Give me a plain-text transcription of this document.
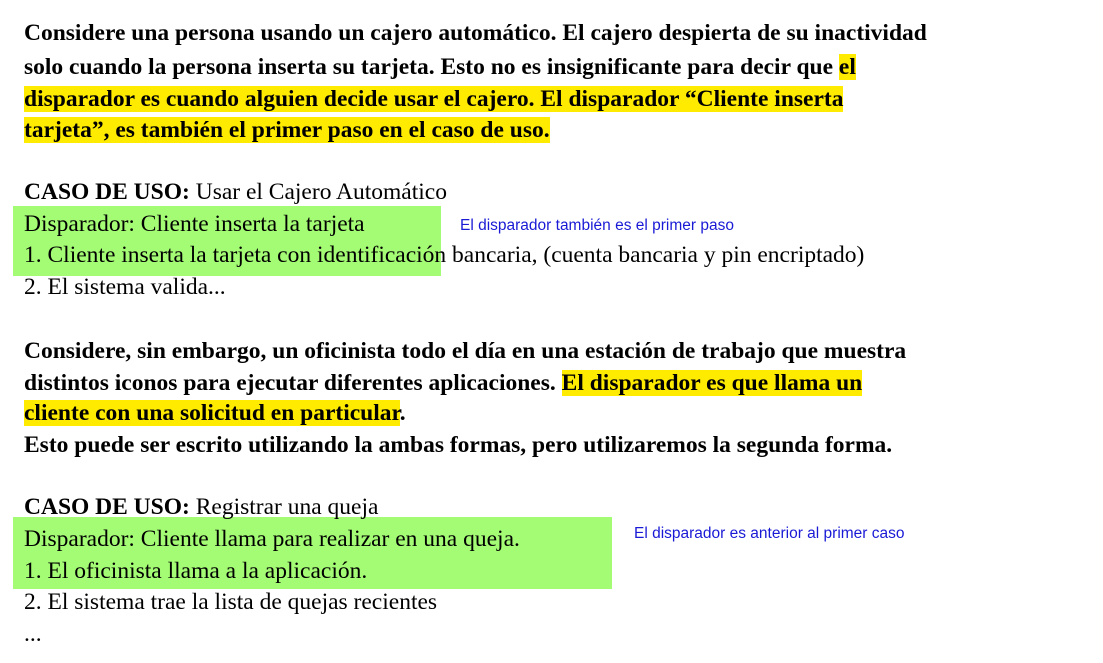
Considere una persona usando un cajero automático. El cajero despierta de su inactividad
solo cuando la persona inserta su tarjeta. Esto no es insignificante para decir que el
disparador es cuando alguien decide usar el cajero. El disparador “Cliente inserta
tarjeta”, es también el primer paso en el caso de uso.
CASO DE USO: Usar el Cajero Automático
Disparador: Cliente inserta la tarjeta
1. Cliente inserta la tarjeta con identificación bancaria, (cuenta bancaria y pin encriptado)
2. El sistema valida...
El disparador también es el primer paso
Considere, sin embargo, un oficinista todo el día en una estación de trabajo que muestra
distintos iconos para ejecutar diferentes aplicaciones. El disparador es que llama un
cliente con una solicitud en particular.
Esto puede ser escrito utilizando la ambas formas, pero utilizaremos la segunda forma.
CASO DE USO: Registrar una queja
Disparador: Cliente llama para realizar en una queja.
1. El oficinista llama a la aplicación.
2. El sistema trae la lista de quejas recientes
...
El disparador es anterior al primer caso
